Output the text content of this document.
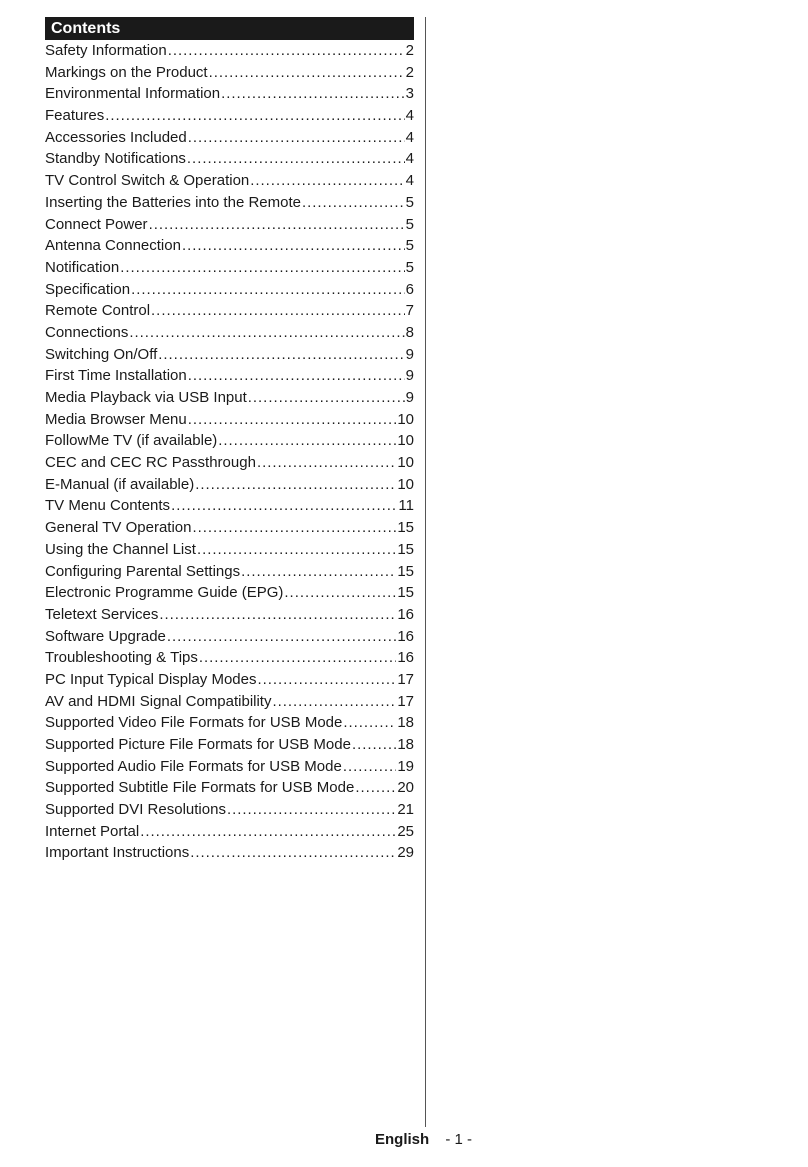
Contents
Safety Information . . .	2
Markings on the Product . . .	2
Environmental Information . . .	3
Features . . .	4
Accessories Included . . .	4
Standby Notifications . . .	4
TV Control Switch & Operation . . .	4
Inserting the Batteries into the Remote . . .	5
Connect Power . . .	5
Antenna Connection . . .	5
Notification . . .	5
Specification . . .	6
Remote Control . . .	7
Connections . . .	8
Switching On/Off . . .	9
First Time Installation . . .	9
Media Playback via USB Input . . .	9
Media Browser Menu . . .	10
FollowMe TV (if available) . . .	10
CEC and CEC RC Passthrough . . .	10
E-Manual (if available) . . .	10
TV Menu Contents . . .	11
General TV Operation . . .	15
Using the Channel List . . .	15
Configuring Parental Settings . . .	15
Electronic Programme Guide (EPG) . . .	15
Teletext Services . . .	16
Software Upgrade . . .	16
Troubleshooting & Tips . . .	16
PC Input Typical Display Modes . . .	17
AV and HDMI Signal Compatibility . . .	17
Supported Video File Formats for USB Mode . . .	18
Supported Picture File Formats for USB Mode . . .	18
Supported Audio File Formats for USB Mode . . .	19
Supported Subtitle File Formats for USB Mode . . .	20
Supported DVI Resolutions . . .	21
Internet Portal . . .	25
Important Instructions . . .	29
English - 1 -
